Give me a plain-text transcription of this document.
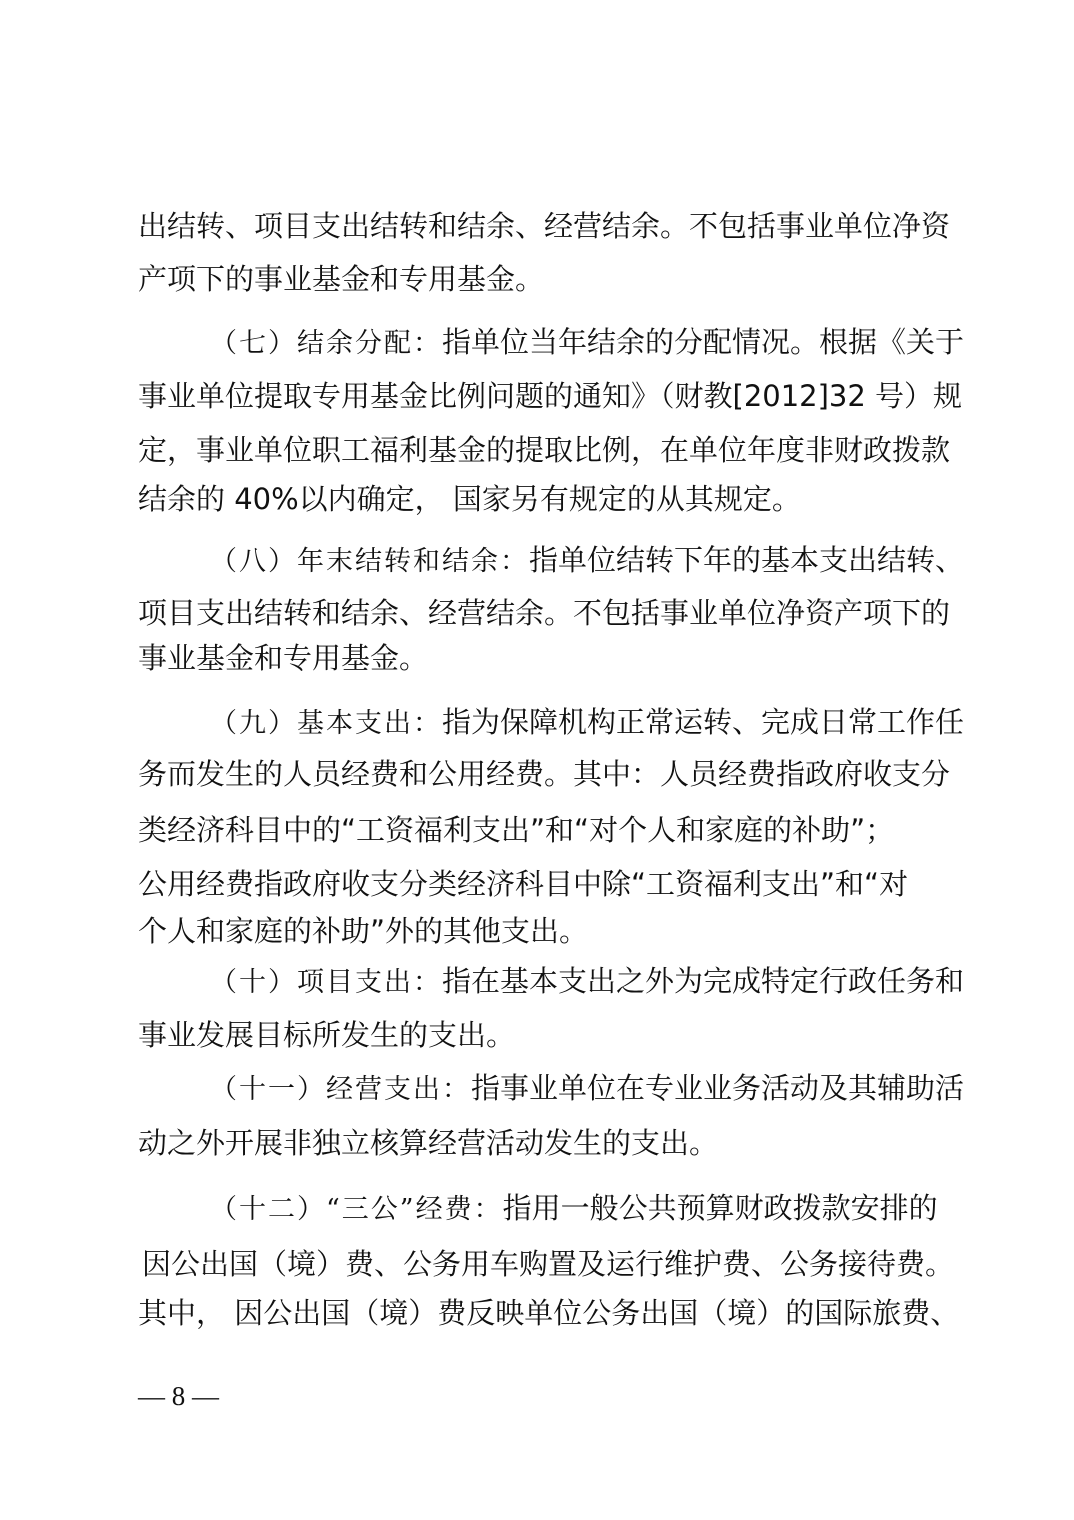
出结转、项目支出结转和结余、经营结余。不包括事业单位净资
产项下的事业基金和专用基金。
（七）结余分配：指单位当年结余的分配情况。根据《关于
事业单位提取专用基金比例问题的通知》（财教[2012]32 号）规
定，事业单位职工福利基金的提取比例，在单位年度非财政拨款
结余的 40%以内确定， 国家另有规定的从其规定。
（八）年末结转和结余：指单位结转下年的基本支出结转、
项目支出结转和结余、经营结余。不包括事业单位净资产项下的
事业基金和专用基金。
（九）基本支出：指为保障机构正常运转、完成日常工作任
务而发生的人员经费和公用经费。其中：人员经费指政府收支分
类经济科目中的“工资福利支出”和“对个人和家庭的补助”；
公用经费指政府收支分类经济科目中除“工资福利支出”和“对
个人和家庭的补助”外的其他支出。
（十）项目支出：指在基本支出之外为完成特定行政任务和
事业发展目标所发生的支出。
（十一）经营支出：指事业单位在专业业务活动及其辅助活
动之外开展非独立核算经营活动发生的支出。
（十二）“三公”经费：指用一般公共预算财政拨款安排的
因公出国（境）费、公务用车购置及运行维护费、公务接待费。
其中， 因公出国（境）费反映单位公务出国（境）的国际旅费、
— 8 —
